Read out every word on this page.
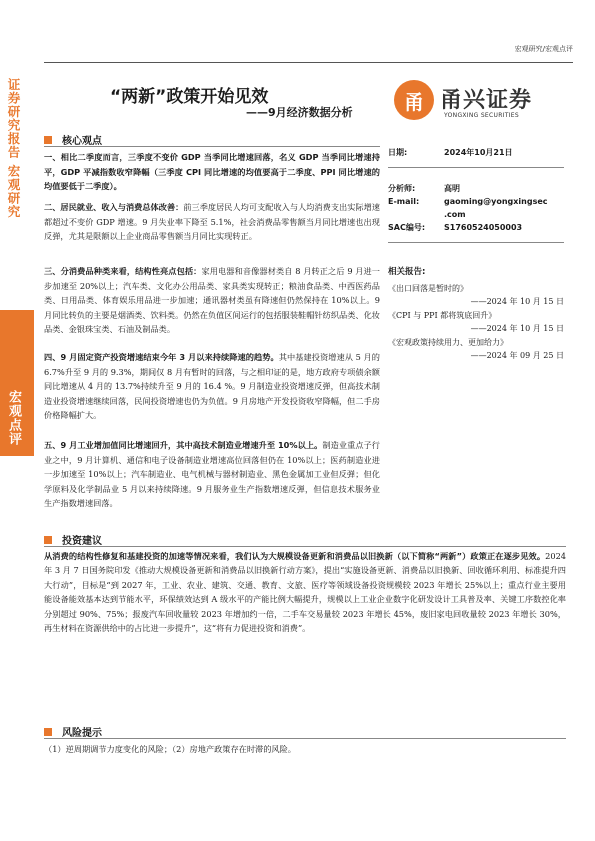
宏观研究/宏观点评
证券研究报告 宏观研究
宏观点评
“两新”政策开始见效
——9月经济数据分析	甬 甬兴证券
YONGXING SECURITIES
核心观点
一、相比二季度而言，三季度不变价 GDP 当季同比增速回落，名义 GDP 当季同比增速持平，GDP 平减指数收窄降幅（三季度 CPI 同比增速的均值要高于二季度、PPI 同比增速的均值要低于二季度）。
二、居民就业、收入与消费总体改善：前三季度居民人均可支配收入与人均消费支出实际增速都超过不变价 GDP 增速。9 月失业率下降至 5.1%，社会消费品零售额当月同比增速也出现反弹，尤其是限额以上企业商品零售额当月同比实现转正。
三、分消费品种类来看，结构性亮点包括：家用电器和音像器材类自 8 月转正之后 9 月进一步加速至 20%以上；汽车类、文化办公用品类、家具类实现转正；粮油食品类、中西医药品类、日用品类、体育娱乐用品进一步加速；通讯器材类虽有降速但仍然保持在 10%以上。9 月同比转负的主要是烟酒类、饮料类。仍然在负值区间运行的包括服装鞋帽针纺织品类、化妆品类、金银珠宝类、石油及制品类。
四、9 月固定资产投资增速结束今年 3 月以来持续降速的趋势。其中基建投资增速从 5 月的 6.7%升至 9 月的 9.3%，期间仅 8 月有暂时的回落，与之相印证的是，地方政府专项债余额同比增速从 4 月的 13.7%持续升至 9 月的 16.4 %。9 月制造业投资增速反弹，但高技术制造业投资增速继续回落，民间投资增速也仍为负值。9 月房地产开发投资收窄降幅，但二手房价格降幅扩大。
五、9 月工业增加值同比增速回升，其中高技术制造业增速升至 10%以上。制造业重点子行业之中，9 月计算机、通信和电子设备制造业增速高位回落但仍在 10%以上；医药制造业进一步加速至 10%以上；汽车制造业、电气机械与器材制造业、黑色金属加工业但反弹；但化学原料及化学制品业 5 月以来持续降速。9 月服务业生产指数增速反弹，但信息技术服务业生产指数增速回落。
日期:	2024年10月21日
分析师:	高明
E-mail:	gaoming@yongxingsec
.com
SAC编号:	S1760524050003
相关报告:
《出口回落是暂时的》
——2024 年 10 月 15 日
《CPI 与 PPI 都将筑底回升》
——2024 年 10 月 15 日
《宏观政策持续用力、更加给力》
——2024 年 09 月 25 日
投资建议
从消费的结构性修复和基建投资的加速等情况来看，我们认为大规模设备更新和消费品以旧换新（以下简称“两新”）政策正在逐步见效。2024 年 3 月 7 日国务院印发《推动大规模设备更新和消费品以旧换新行动方案》，提出“实施设备更新、消费品以旧换新、回收循环利用、标准提升四大行动”，目标是“到 2027 年，工业、农业、建筑、交通、教育、文旅、医疗等领域设备投资规模较 2023 年增长 25%以上；重点行业主要用能设备能效基本达到节能水平，环保绩效达到 A 级水平的产能比例大幅提升，规模以上工业企业数字化研发设计工具普及率、关键工序数控化率分别超过 90%、75%；报废汽车回收量较 2023 年增加约一倍，二手车交易量较 2023 年增长 45%，废旧家电回收量较 2023 年增长 30%，再生材料在资源供给中的占比进一步提升”，这“将有力促进投资和消费”。
风险提示
（1）逆周期调节力度变化的风险；（2）房地产政策存在时滞的风险。
